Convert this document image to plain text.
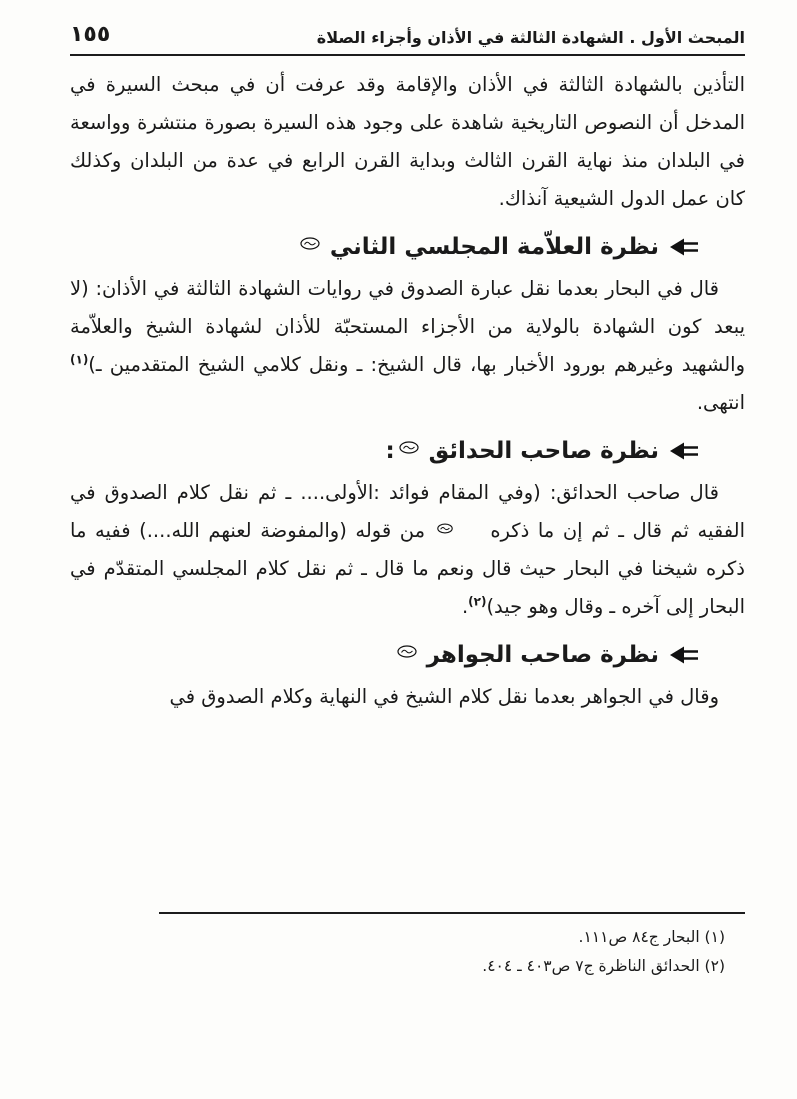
المبحث الأول . الشهادة الثالثة في الأذان وأجزاء الصلاة
١٥٥

التأذين بالشهادة الثالثة في الأذان والإقامة وقد عرفت أن في مبحث السيرة في المدخل أن النصوص التاريخية شاهدة على وجود هذه السيرة بصورة منتشرة وواسعة في البلدان منذ نهاية القرن الثالث وبداية القرن الرابع في عدة من البلدان وكذلك كان عمل الدول الشيعية آنذاك.

نظرة العلاّمة المجلسي الثاني

قال في البحار بعدما نقل عبارة الصدوق في روايات الشهادة الثالثة في الأذان: (لا يبعد كون الشهادة بالولاية من الأجزاء المستحبّة للأذان لشهادة الشيخ والعلاّمة والشهيد وغيرهم بورود الأخبار بها، قال الشيخ: ـ ونقل كلامي الشيخ المتقدمين ـ)$^{(١)}$ انتهى.

نظرة صاحب الحدائق
:

قال صاحب الحدائق: (وفي المقام فوائد :الأولى.... ـ ثم نقل كلام الصدوق في الفقيه ثم قال ـ ثم إن ما ذكره  من قوله (والمفوضة لعنهم الله....) ففيه ما ذكره شيخنا في البحار حيث قال ونعم ما قال ـ ثم نقل كلام المجلسي المتقدّم في البحار إلى آخره ـ وقال وهو جيد)$^{(٢)}$.

نظرة صاحب الجواهر

وقال في الجواهر بعدما نقل كلام الشيخ في النهاية وكلام الصدوق في

(١) البحار ج٨٤ ص١١١.
(٢) الحدائق الناظرة ج٧ ص٤٠٣ ـ ٤٠٤.
